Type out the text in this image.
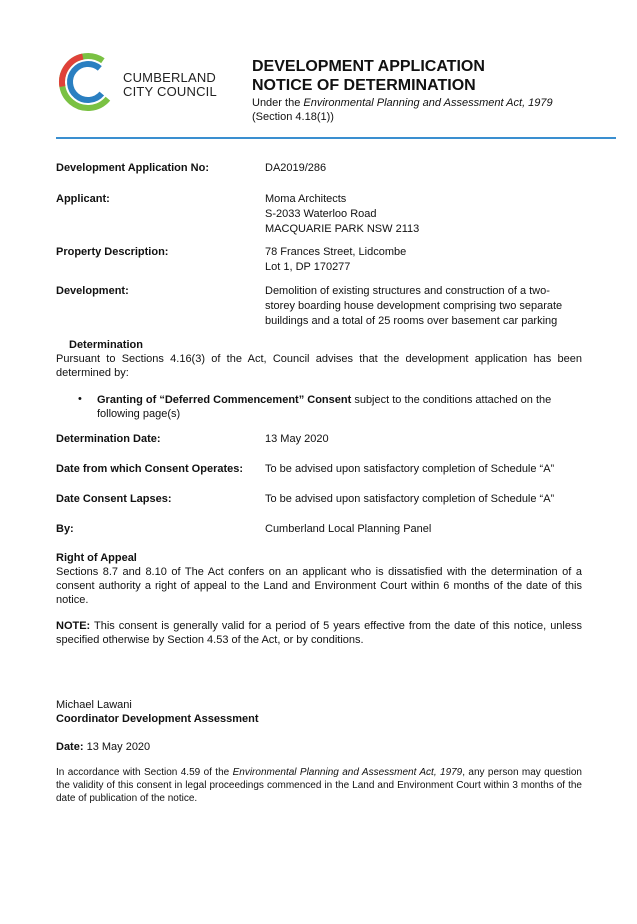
CUMBERLAND
CITY COUNCIL
DEVELOPMENT APPLICATION
NOTICE OF DETERMINATION
Under the Environmental Planning and Assessment Act, 1979
(Section 4.18(1))
Development Application No:	DA2019/286
Applicant:	Moma Architects
S-2033 Waterloo Road
MACQUARIE PARK NSW 2113
Property Description:	78 Frances Street, Lidcombe
Lot 1, DP 170277
Development:	Demolition of existing structures and construction of a two-
storey boarding house development comprising two separate
buildings and a total of 25 rooms over basement car parking
Determination
Pursuant to Sections 4.16(3) of the Act, Council advises that the development application has been determined by:
• Granting of “Deferred Commencement” Consent subject to the conditions attached on the following page(s)
Determination Date:	13 May 2020
Date from which Consent Operates: To be advised upon satisfactory completion of Schedule “A”
Date Consent Lapses:	To be advised upon satisfactory completion of Schedule “A”
By:	Cumberland Local Planning Panel
Right of Appeal
Sections 8.7 and 8.10 of The Act confers on an applicant who is dissatisfied with the determination of a consent authority a right of appeal to the Land and Environment Court within 6 months of the date of this notice.
NOTE: This consent is generally valid for a period of 5 years effective from the date of this notice, unless specified otherwise by Section 4.53 of the Act, or by conditions.
Michael Lawani
Coordinator Development Assessment
Date: 13 May 2020
In accordance with Section 4.59 of the Environmental Planning and Assessment Act, 1979, any person may question the validity of this consent in legal proceedings commenced in the Land and Environment Court within 3 months of the date of publication of the notice.
